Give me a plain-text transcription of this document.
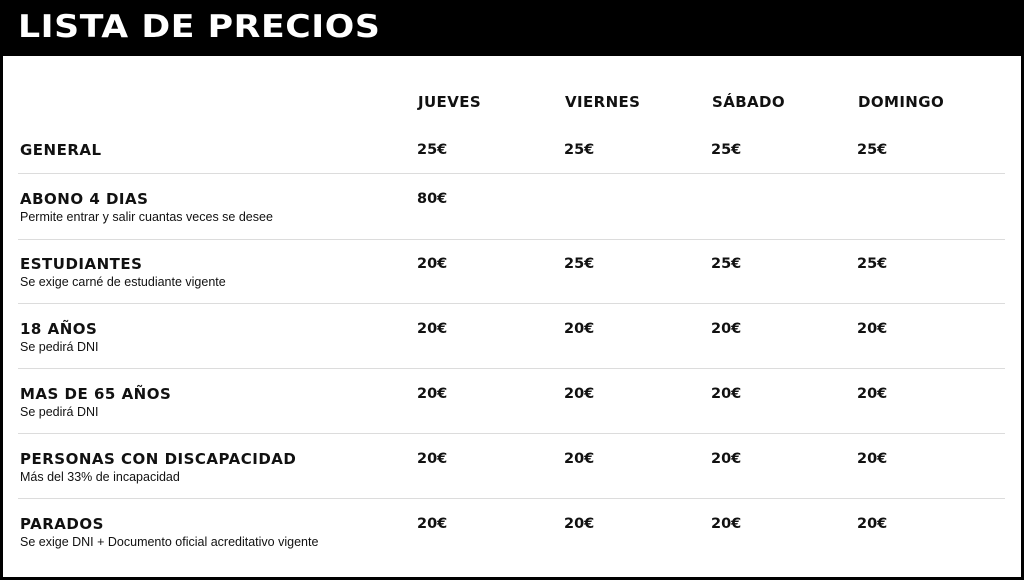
LISTA DE PRECIOS
JUEVES	VIERNES	SÁBADO	DOMINGO
GENERAL	25€	25€	25€	25€
ABONO 4 DIAS
Permite entrar y salir cuantas veces se desee
80€
ESTUDIANTES
Se exige carné de estudiante vigente
20€	25€	25€	25€
18 AÑOS
Se pedirá DNI
20€	20€	20€	20€
MAS DE 65 AÑOS
Se pedirá DNI
20€	20€	20€	20€
PERSONAS CON DISCAPACIDAD
Más del 33% de incapacidad
20€	20€	20€	20€
PARADOS
Se exige DNI + Documento oficial acreditativo vigente
20€	20€	20€	20€
